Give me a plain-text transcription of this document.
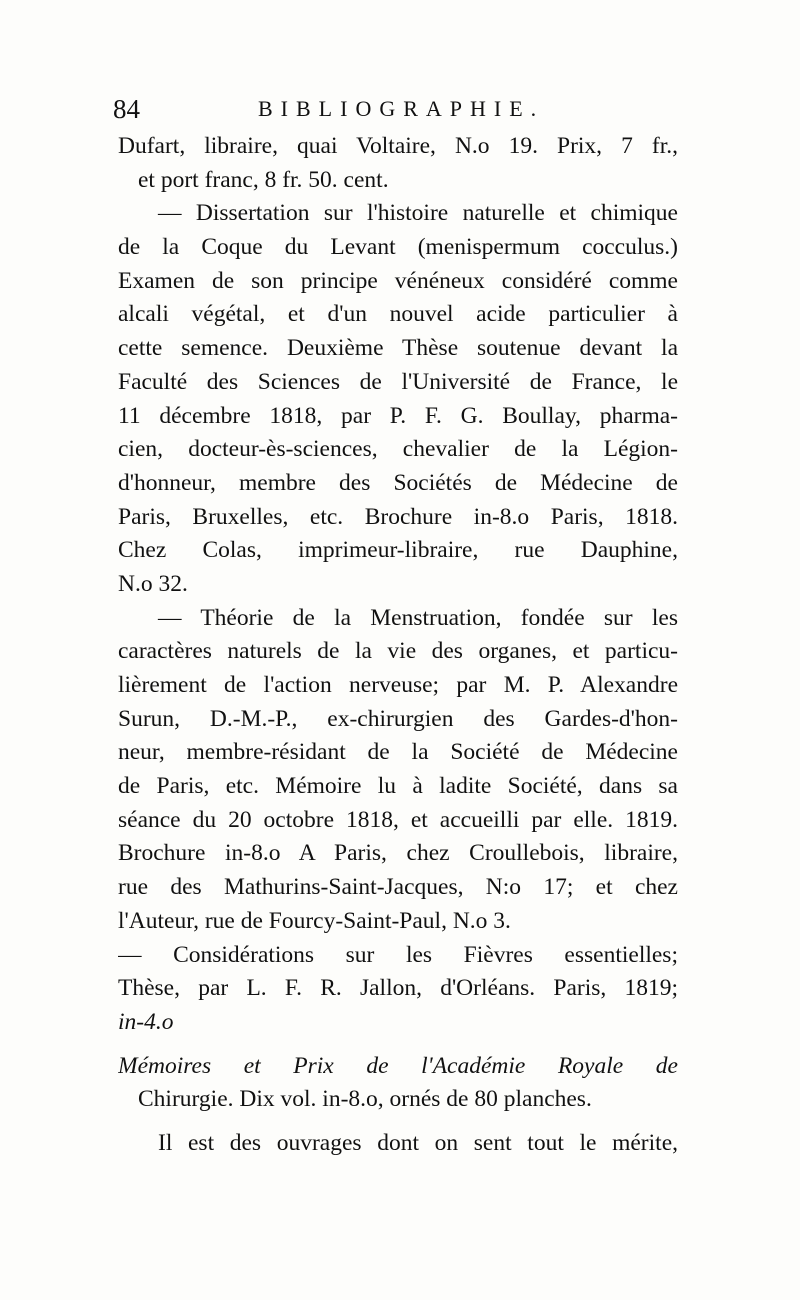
84	BIBLIOGRAPHIE.
Dufart, libraire, quai Voltaire, N.o 19. Prix, 7 fr.,
et port franc, 8 fr. 50. cent.
— Dissertation sur l'histoire naturelle et chimique
de la Coque du Levant (menispermum cocculus.)
Examen de son principe vénéneux considéré comme
alcali végétal, et d'un nouvel acide particulier à
cette semence. Deuxième Thèse soutenue devant la
Faculté des Sciences de l'Université de France, le
11 décembre 1818, par P. F. G. Boullay, pharma-
cien, docteur-ès-sciences, chevalier de la Légion-
d'honneur, membre des Sociétés de Médecine de
Paris, Bruxelles, etc. Brochure in-8.o Paris, 1818.
Chez Colas, imprimeur-libraire, rue Dauphine,
N.o 32.
— Théorie de la Menstruation, fondée sur les
caractères naturels de la vie des organes, et particu-
lièrement de l'action nerveuse; par M. P. Alexandre
Surun, D.-M.-P., ex-chirurgien des Gardes-d'hon-
neur, membre-résidant de la Société de Médecine
de Paris, etc. Mémoire lu à ladite Société, dans sa
séance du 20 octobre 1818, et accueilli par elle. 1819.
Brochure in-8.o A Paris, chez Croullebois, libraire,
rue des Mathurins-Saint-Jacques, N:o 17; et chez
l'Auteur, rue de Fourcy-Saint-Paul, N.o 3.
— Considérations sur les Fièvres essentielles;
Thèse, par L. F. R. Jallon, d'Orléans. Paris, 1819;
in-4.o
Mémoires et Prix de l'Académie Royale de
Chirurgie. Dix vol. in-8.o, ornés de 80 planches.
Il est des ouvrages dont on sent tout le mérite,
